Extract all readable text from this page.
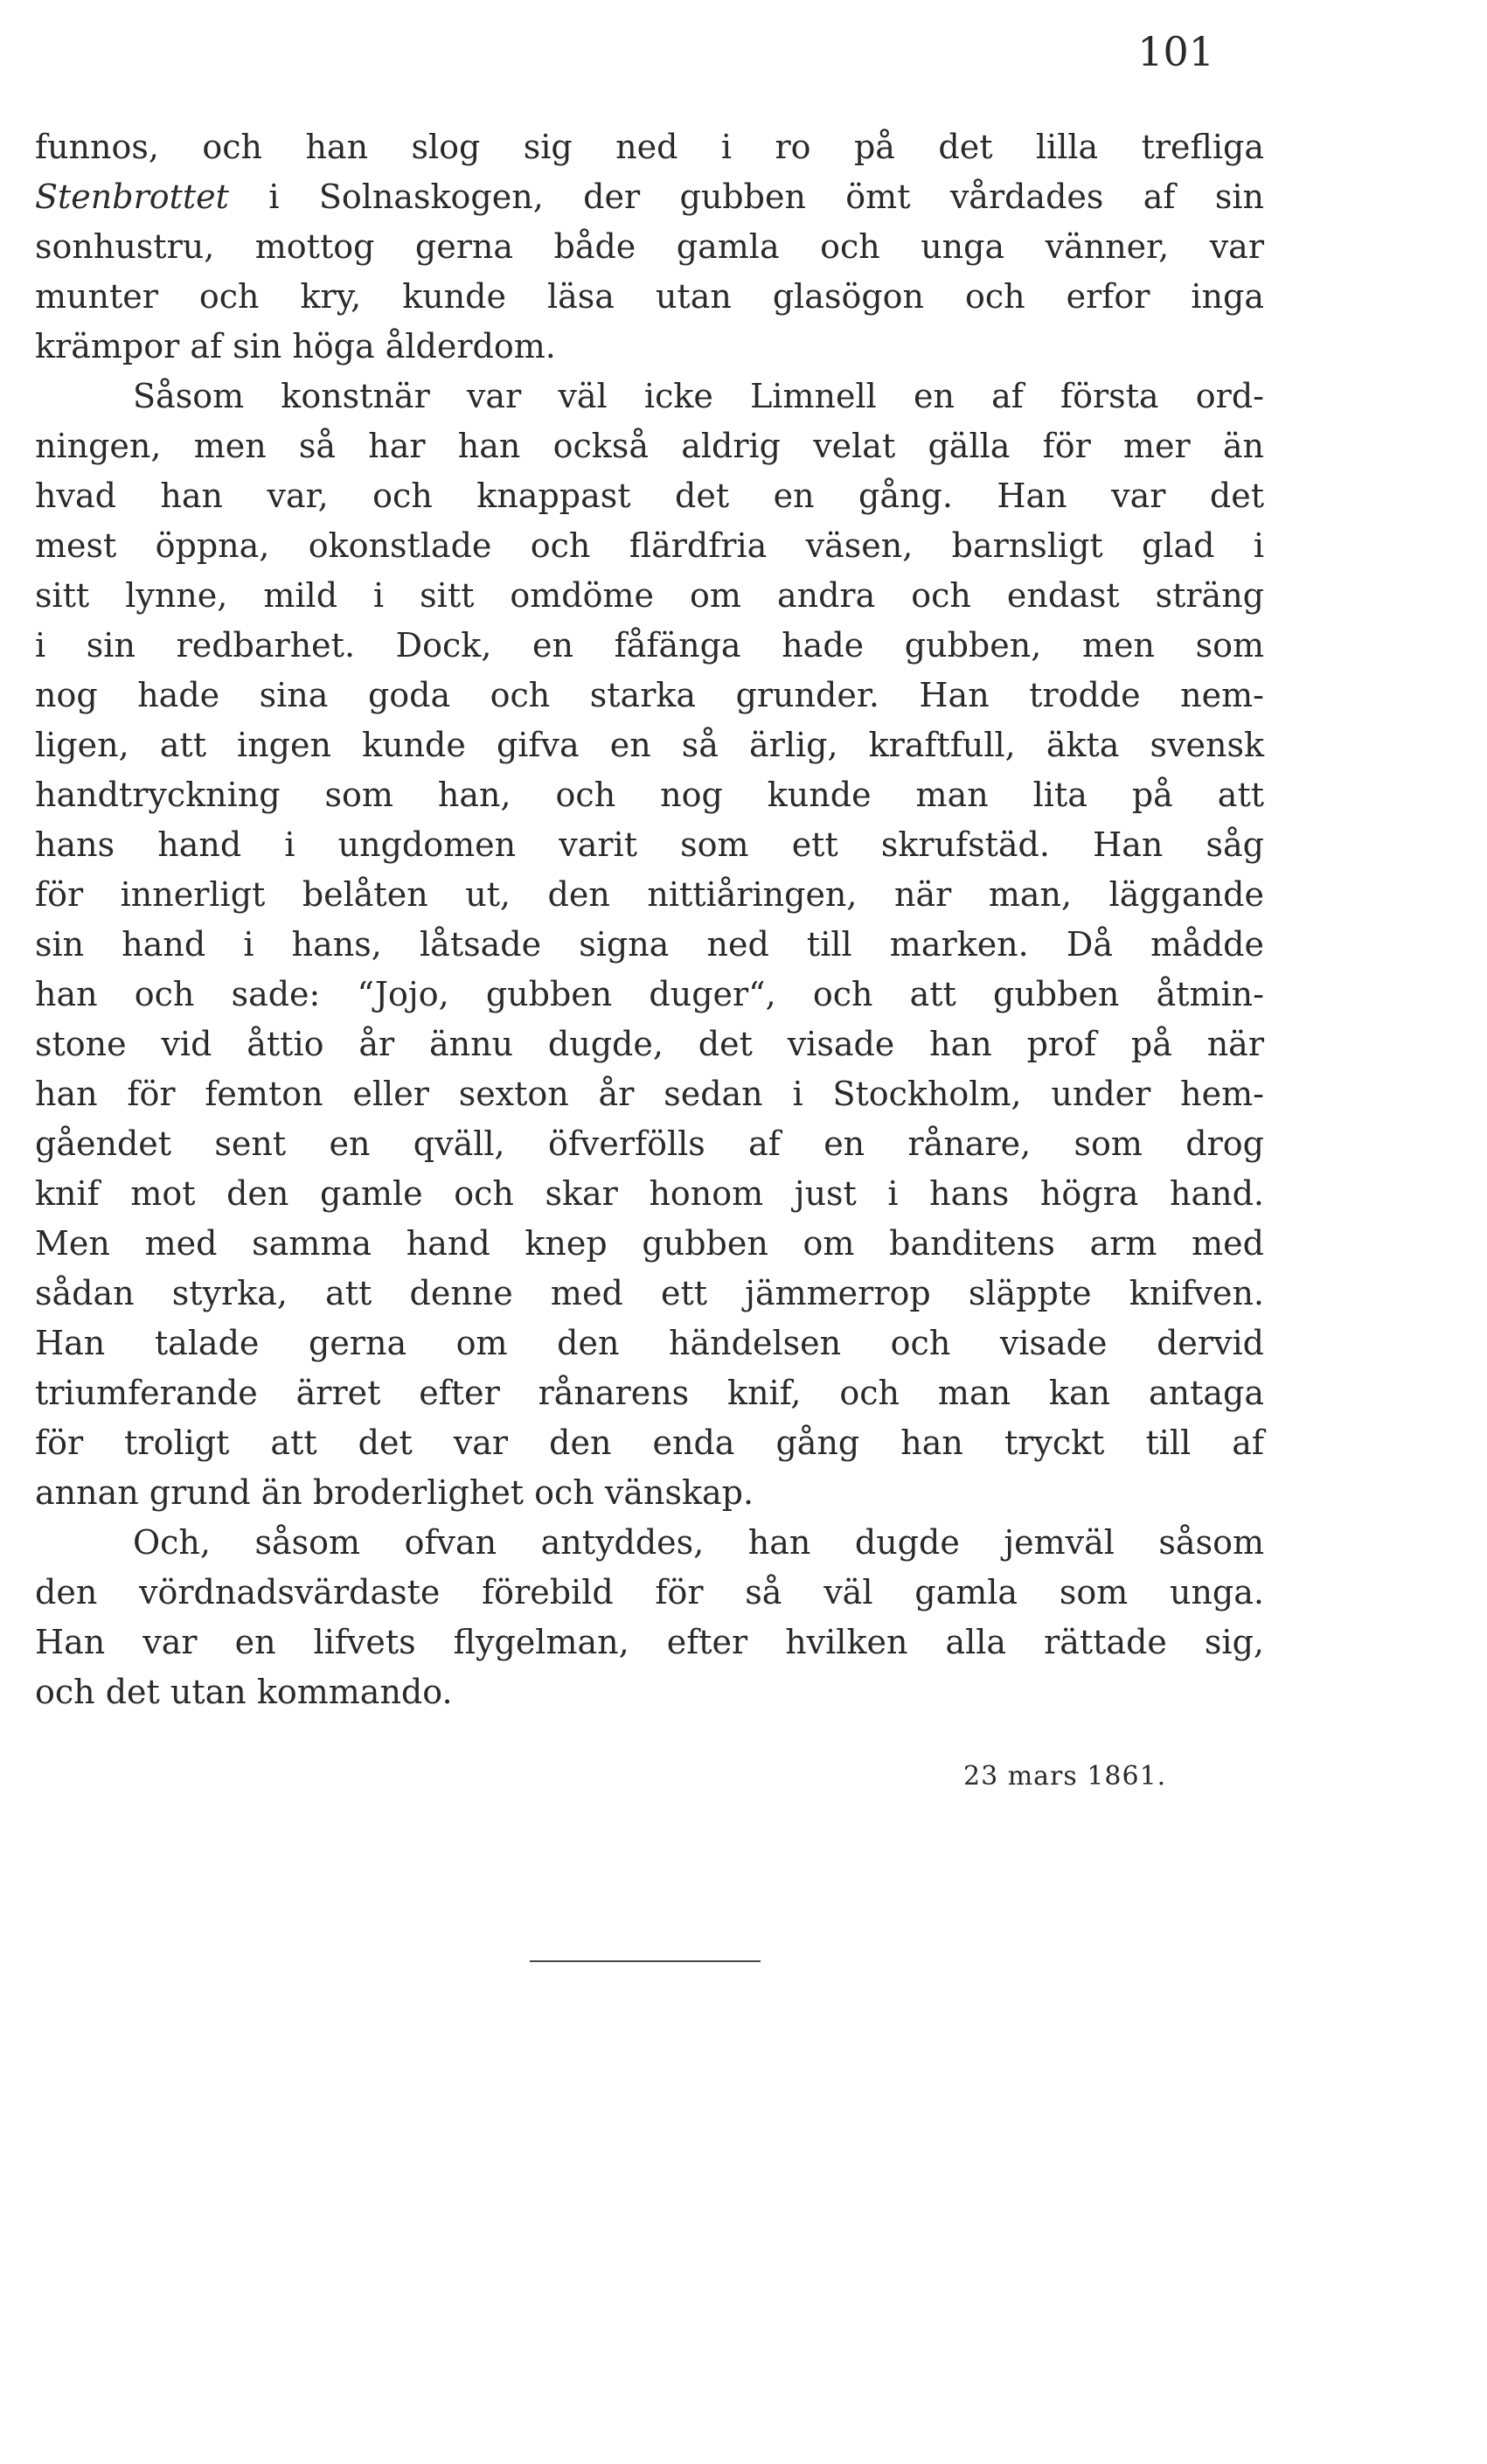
101
funnos, och han slog sig ned i ro på det lilla trefliga
Stenbrottet i Solnaskogen, der gubben ömt vårdades af sin
sonhustru, mottog gerna både gamla och unga vänner, var
munter och kry, kunde läsa utan glasögon och erfor inga
krämpor af sin höga ålderdom.
Såsom konstnär var väl icke Limnell en af första ord-
ningen, men så har han också aldrig velat gälla för mer än
hvad han var, och knappast det en gång. Han var det
mest öppna, okonstlade och flärdfria väsen, barnsligt glad i
sitt lynne, mild i sitt omdöme om andra och endast sträng
i sin redbarhet. Dock, en fåfänga hade gubben, men som
nog hade sina goda och starka grunder. Han trodde nem-
ligen, att ingen kunde gifva en så ärlig, kraftfull, äkta svensk
handtryckning som han, och nog kunde man lita på att
hans hand i ungdomen varit som ett skrufstäd. Han såg
för innerligt belåten ut, den nittiåringen, när man, läggande
sin hand i hans, låtsade signa ned till marken. Då mådde
han och sade: “Jojo, gubben duger“, och att gubben åtmin-
stone vid åttio år ännu dugde, det visade han prof på när
han för femton eller sexton år sedan i Stockholm, under hem-
gåendet sent en qväll, öfverfölls af en rånare, som drog
knif mot den gamle och skar honom just i hans högra hand.
Men med samma hand knep gubben om banditens arm med
sådan styrka, att denne med ett jämmerrop släppte knifven.
Han talade gerna om den händelsen och visade dervid
triumferande ärret efter rånarens knif, och man kan antaga
för troligt att det var den enda gång han tryckt till af
annan grund än broderlighet och vänskap.
Och, såsom ofvan antyddes, han dugde jemväl såsom
den vördnadsvärdaste förebild för så väl gamla som unga.
Han var en lifvets flygelman, efter hvilken alla rättade sig,
och det utan kommando.
23 mars 1861.
